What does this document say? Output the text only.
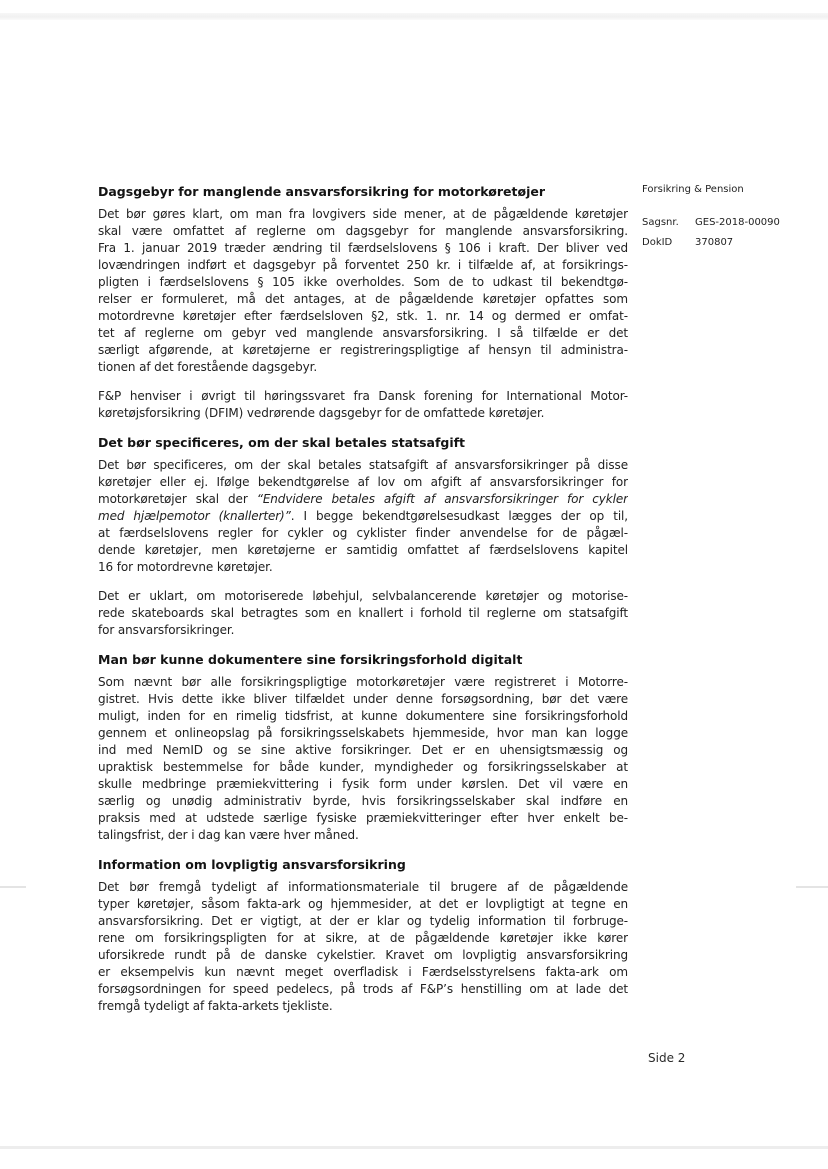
Dagsgebyr for manglende ansvarsforsikring for motorkøretøjer
Det bør gøres klart, om man fra lovgivers side mener, at de pågældende køretøjer
skal være omfattet af reglerne om dagsgebyr for manglende ansvarsforsikring.
Fra 1. januar 2019 træder ændring til færdselslovens § 106 i kraft. Der bliver ved
lovændringen indført et dagsgebyr på forventet 250 kr. i tilfælde af, at forsikrings-
pligten i færdselslovens § 105 ikke overholdes. Som de to udkast til bekendtgø-
relser er formuleret, må det antages, at de pågældende køretøjer opfattes som
motordrevne køretøjer efter færdselsloven §2, stk. 1. nr. 14 og dermed er omfat-
tet af reglerne om gebyr ved manglende ansvarsforsikring. I så tilfælde er det
særligt afgørende, at køretøjerne er registreringspligtige af hensyn til administra-
tionen af det forestående dagsgebyr.
F&P henviser i øvrigt til høringssvaret fra Dansk forening for International Motor-
køretøjsforsikring (DFIM) vedrørende dagsgebyr for de omfattede køretøjer.
Det bør specificeres, om der skal betales statsafgift
Det bør specificeres, om der skal betales statsafgift af ansvarsforsikringer på disse
køretøjer eller ej. Ifølge bekendtgørelse af lov om afgift af ansvarsforsikringer for
motorkøretøjer skal der “Endvidere betales afgift af ansvarsforsikringer for cykler
med hjælpemotor (knallerter)”. I begge bekendtgørelsesudkast lægges der op til,
at færdselslovens regler for cykler og cyklister finder anvendelse for de pågæl-
dende køretøjer, men køretøjerne er samtidig omfattet af færdselslovens kapitel
16 for motordrevne køretøjer.
Det er uklart, om motoriserede løbehjul, selvbalancerende køretøjer og motorise-
rede skateboards skal betragtes som en knallert i forhold til reglerne om statsafgift
for ansvarsforsikringer.
Man bør kunne dokumentere sine forsikringsforhold digitalt
Som nævnt bør alle forsikringspligtige motorkøretøjer være registreret i Motorre-
gistret. Hvis dette ikke bliver tilfældet under denne forsøgsordning, bør det være
muligt, inden for en rimelig tidsfrist, at kunne dokumentere sine forsikringsforhold
gennem et onlineopslag på forsikringsselskabets hjemmeside, hvor man kan logge
ind med NemID og se sine aktive forsikringer. Det er en uhensigtsmæssig og
upraktisk bestemmelse for både kunder, myndigheder og forsikringsselskaber at
skulle medbringe præmiekvittering i fysik form under kørslen. Det vil være en
særlig og unødig administrativ byrde, hvis forsikringsselskaber skal indføre en
praksis med at udstede særlige fysiske præmiekvitteringer efter hver enkelt be-
talingsfrist, der i dag kan være hver måned.
Information om lovpligtig ansvarsforsikring
Det bør fremgå tydeligt af informationsmateriale til brugere af de pågældende
typer køretøjer, såsom fakta-ark og hjemmesider, at det er lovpligtigt at tegne en
ansvarsforsikring. Det er vigtigt, at der er klar og tydelig information til forbruge-
rene om forsikringspligten for at sikre, at de pågældende køretøjer ikke kører
uforsikrede rundt på de danske cykelstier. Kravet om lovpligtig ansvarsforsikring
er eksempelvis kun nævnt meget overfladisk i Færdselsstyrelsens fakta-ark om
forsøgsordningen for speed pedelecs, på trods af F&P’s henstilling om at lade det
fremgå tydeligt af fakta-arkets tjekliste.
Forsikring & Pension
Sagsnr. GES-2018-00090
DokID 370807
Side 2
